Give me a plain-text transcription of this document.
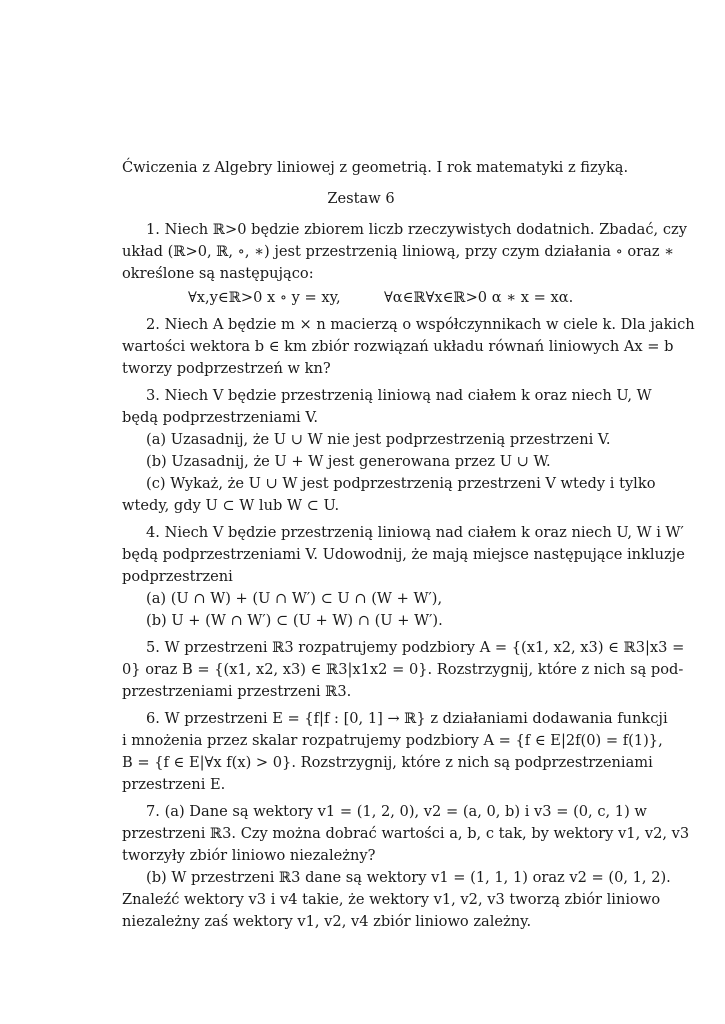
Ćwiczenia z Algebry liniowej z geometrią. I rok matematyki z fizyką.
Zestaw 6
1. Niech ℝ>0 będzie zbiorem liczb rzeczywistych dodatnich. Zbadać, czy
układ (ℝ>0, ℝ, ∘, ∗) jest przestrzenią liniową, przy czym działania ∘ oraz ∗
określone są następująco:
∀x,y∈ℝ>0 x ∘ y = xy,	∀α∈ℝ∀x∈ℝ>0 α ∗ x = xα.
2. Niech A będzie m × n macierzą o współczynnikach w ciele k. Dla jakich
wartości wektora b ∈ km zbiór rozwiązań układu równań liniowych Ax = b
tworzy podprzestrzeń w kn?
3. Niech V będzie przestrzenią liniową nad ciałem k oraz niech U, W
będą podprzestrzeniami V.
(a) Uzasadnij, że U ∪ W nie jest podprzestrzenią przestrzeni V.
(b) Uzasadnij, że U + W jest generowana przez U ∪ W.
(c) Wykaż, że U ∪ W jest podprzestrzenią przestrzeni V wtedy i tylko
wtedy, gdy U ⊂ W lub W ⊂ U.
4. Niech V będzie przestrzenią liniową nad ciałem k oraz niech U, W i W′
będą podprzestrzeniami V. Udowodnij, że mają miejsce następujące inkluzje
podprzestrzeni
(a) (U ∩ W) + (U ∩ W′) ⊂ U ∩ (W + W′),
(b) U + (W ∩ W′) ⊂ (U + W) ∩ (U + W′).
5. W przestrzeni ℝ3 rozpatrujemy podzbiory A = {(x1, x2, x3) ∈ ℝ3|x3 =
0} oraz B = {(x1, x2, x3) ∈ ℝ3|x1x2 = 0}. Rozstrzygnij, które z nich są pod-
przestrzeniami przestrzeni ℝ3.
6. W przestrzeni E = {f|f : [0, 1] → ℝ} z działaniami dodawania funkcji
i mnożenia przez skalar rozpatrujemy podzbiory A = {f ∈ E|2f(0) = f(1)},
B = {f ∈ E|∀x f(x) > 0}. Rozstrzygnij, które z nich są podprzestrzeniami
przestrzeni E.
7. (a) Dane są wektory v1 = (1, 2, 0), v2 = (a, 0, b) i v3 = (0, c, 1) w
przestrzeni ℝ3. Czy można dobrać wartości a, b, c tak, by wektory v1, v2, v3
tworzyły zbiór liniowo niezależny?
(b) W przestrzeni ℝ3 dane są wektory v1 = (1, 1, 1) oraz v2 = (0, 1, 2).
Znaleźć wektory v3 i v4 takie, że wektory v1, v2, v3 tworzą zbiór liniowo
niezależny zaś wektory v1, v2, v4 zbiór liniowo zależny.
